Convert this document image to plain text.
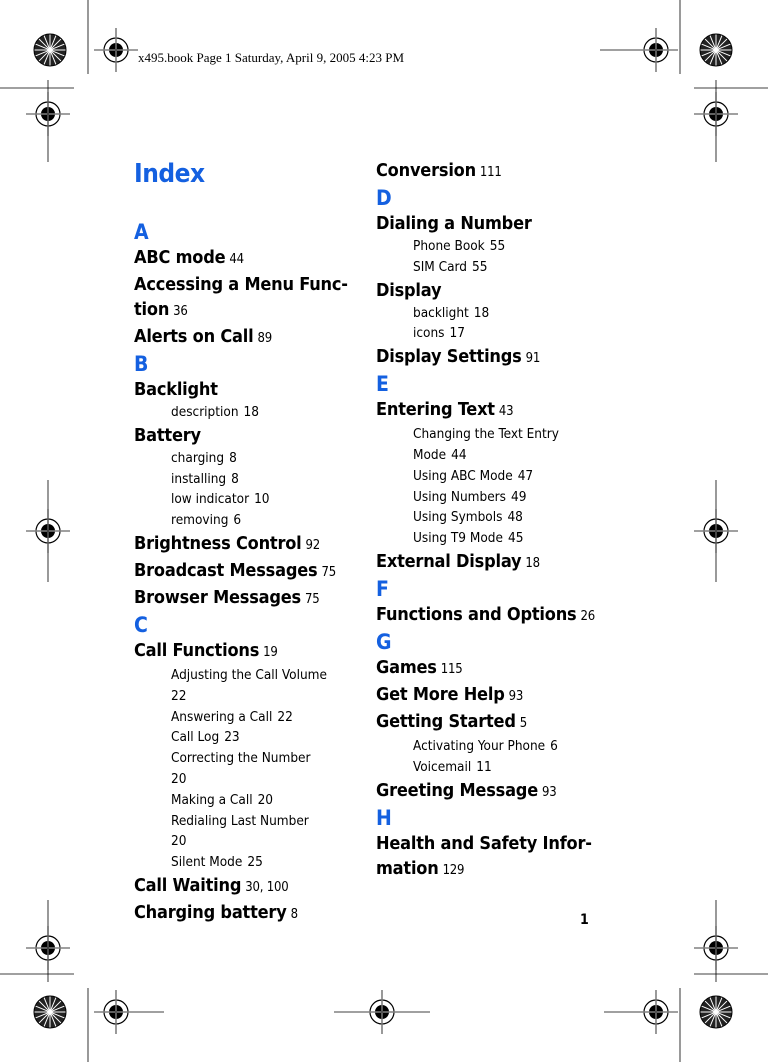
x495.book Page 1 Saturday, April 9, 2005 4:23 PM
Index
A
ABC mode 44
Accessing a Menu Func-
tion 36
Alerts on Call 89
B
Backlight
description 18
Battery
charging 8
installing 8
low indicator 10
removing 6
Brightness Control 92
Broadcast Messages 75
Browser Messages 75
C
Call Functions 19
Adjusting the Call Volume
22
Answering a Call 22
Call Log 23
Correcting the Number
20
Making a Call 20
Redialing Last Number
20
Silent Mode 25
Call Waiting 30, 100
Charging battery 8
Conversion 111
D
Dialing a Number
Phone Book 55
SIM Card 55
Display
backlight 18
icons 17
Display Settings 91
E
Entering Text 43
Changing the Text Entry
Mode 44
Using ABC Mode 47
Using Numbers 49
Using Symbols 48
Using T9 Mode 45
External Display 18
F
Functions and Options 26
G
Games 115
Get More Help 93
Getting Started 5
Activating Your Phone 6
Voicemail 11
Greeting Message 93
H
Health and Safety Infor-
mation 129
1
